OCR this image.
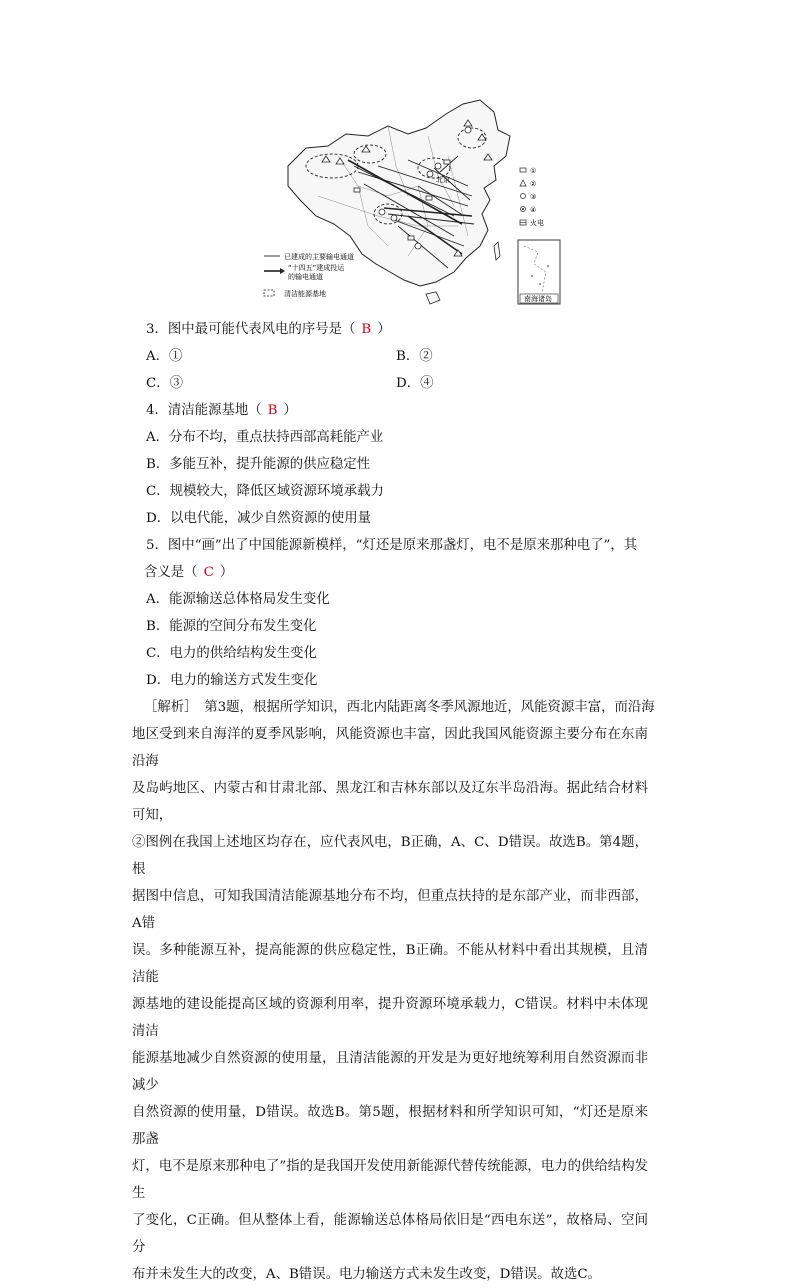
北京
①
②
③
④
火电
已建成的主要输电通道
“十四五”建成投运
的输电通道
清洁能源基地
南海诸岛

3．图中最可能代表风电的序号是（ B ）

A．①	B．②
C．③	D．④

4．清洁能源基地（ B ）

A．分布不均，重点扶持西部高耗能产业

B．多能互补，提升能源的供应稳定性

C．规模较大，降低区域资源环境承载力

D．以电代能，减少自然资源的使用量

5．图中“画”出了中国能源新模样，“灯还是原来那盏灯，电不是原来那种电了”，其

含义是（ C ）

A．能源输送总体格局发生变化

B．能源的空间分布发生变化

C．电力的供给结构发生变化

D．电力的输送方式发生变化

［解析］　第3题，根据所学知识，西北内陆距离冬季风源地近，风能资源丰富，而沿海

地区受到来自海洋的夏季风影响，风能资源也丰富，因此我国风能资源主要分布在东南沿海

及岛屿地区、内蒙古和甘肃北部、黑龙江和吉林东部以及辽东半岛沿海。据此结合材料可知，

②图例在我国上述地区均存在，应代表风电，B正确，A、C、D错误。故选B。第4题，根

据图中信息，可知我国清洁能源基地分布不均，但重点扶持的是东部产业，而非西部，A错

误。多种能源互补，提高能源的供应稳定性，B正确。不能从材料中看出其规模，且清洁能

源基地的建设能提高区域的资源利用率，提升资源环境承载力，C错误。材料中未体现清洁

能源基地减少自然资源的使用量，且清洁能源的开发是为更好地统筹利用自然资源而非减少

自然资源的使用量，D错误。故选B。第5题，根据材料和所学知识可知，“灯还是原来那盏

灯，电不是原来那种电了”指的是我国开发使用新能源代替传统能源，电力的供给结构发生

了变化，C正确。但从整体上看，能源输送总体格局依旧是“西电东送”，故格局、空间分

布并未发生大的改变，A、B错误。电力输送方式未发生改变，D错误。故选C。
